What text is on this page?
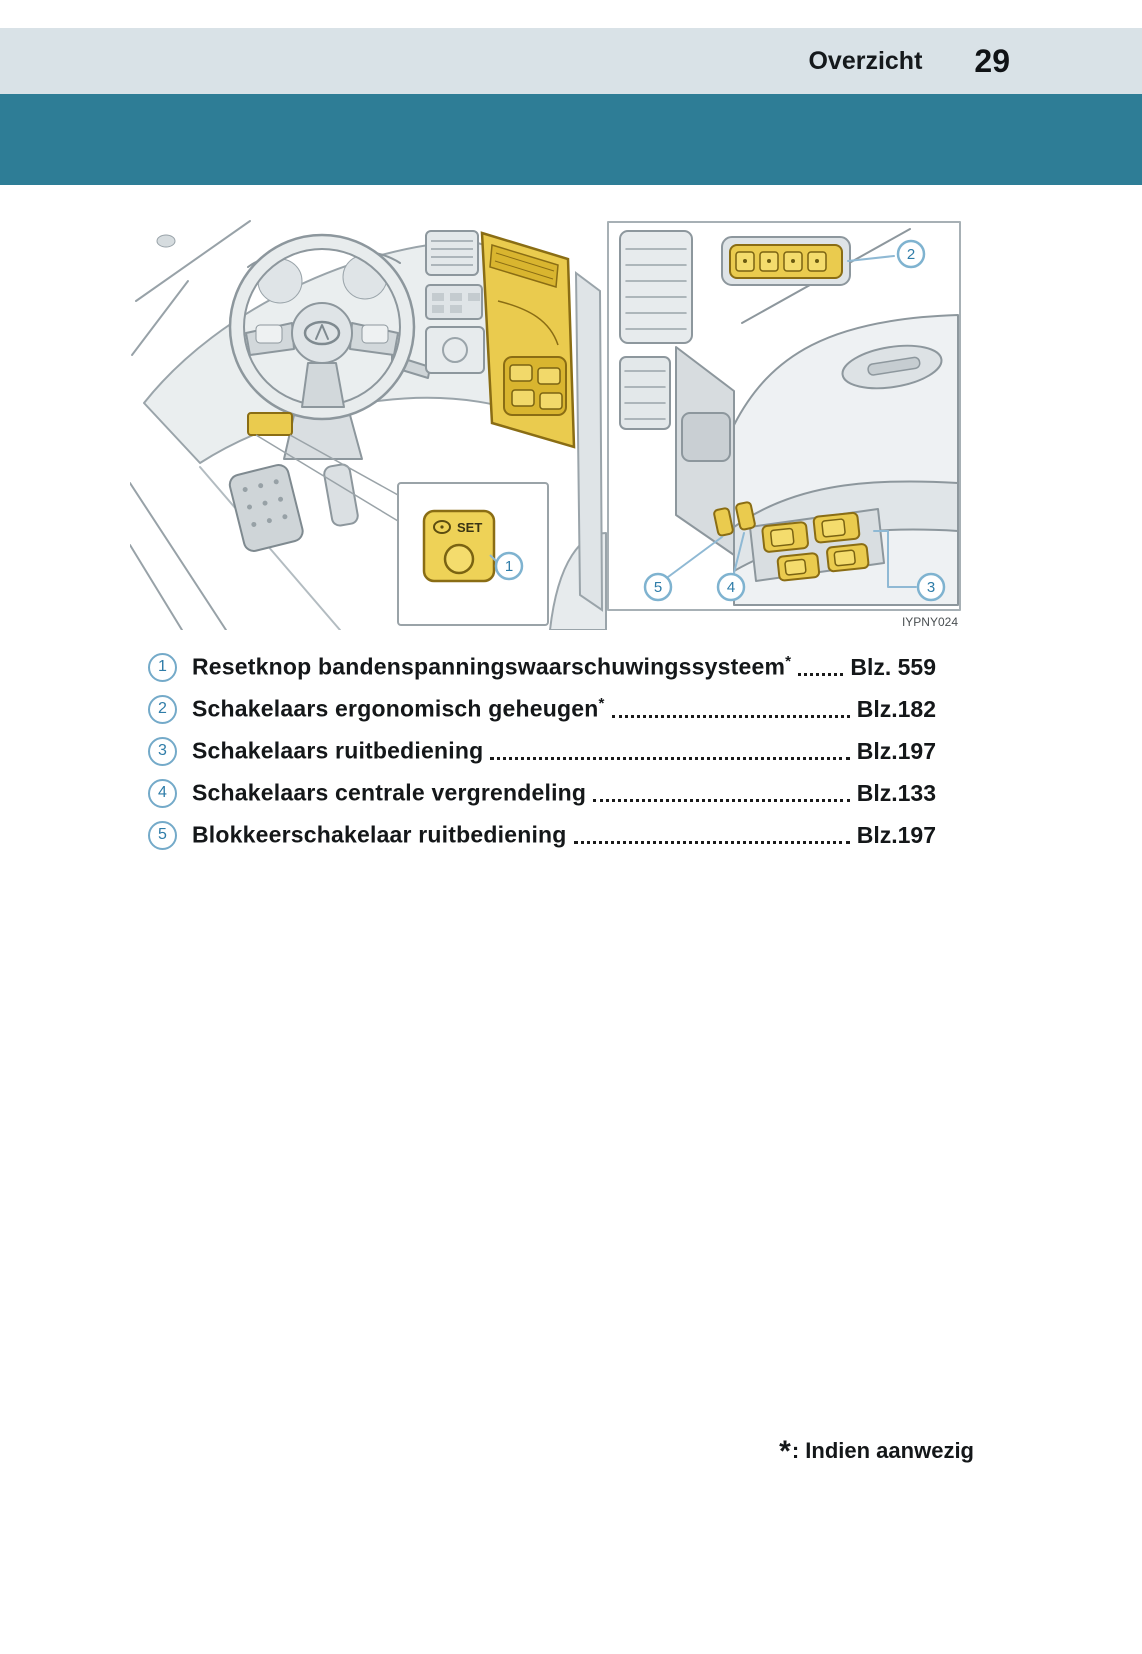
Overzicht 29
SET
1
2
3
4
5
IYPNY024
1	Resetknop bandenspanningswaarschuwingssysteem*	Blz. 559
2	Schakelaars ergonomisch geheugen*	Blz.182
3	Schakelaars ruitbediening	Blz.197
4	Schakelaars centrale vergrendeling	Blz.133
5	Blokkeerschakelaar ruitbediening	Blz.197
*: Indien aanwezig
